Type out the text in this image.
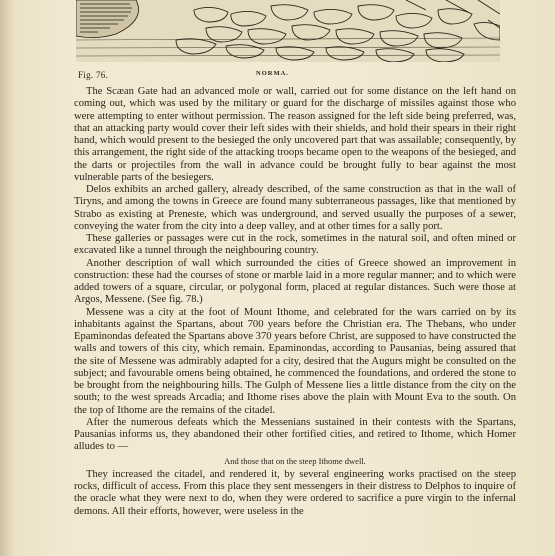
Fig. 76.	NORMA.

The Scæan Gate had an advanced mole or wall, carried out for some distance on the left hand on coming out, which was used by the military or guard for the discharge of missiles against those who were attempting to enter without permission. The reason assigned for the left side being preferred, was, that an attacking party would cover their left sides with their shields, and hold their spears in their right hand, which would present to the besieged the only uncovered part that was assailable; consequently, by this arrangement, the right side of the attacking troops became open to the weapons of the besieged, and the darts or projectiles from the wall in advance could be brought fully to bear against the most vulnerable parts of the besiegers.

Delos exhibits an arched gallery, already described, of the same construction as that in the wall of Tiryns, and among the towns in Greece are found many subterraneous passages, like that mentioned by Strabo as existing at Preneste, which was underground, and served usually the purposes of a sewer, conveying the water from the city into a deep valley, and at other times for a sally port.

These galleries or passages were cut in the rock, sometimes in the natural soil, and often mined or excavated like a tunnel through the neighbouring country.

Another description of wall which surrounded the cities of Greece showed an improvement in construction: these had the courses of stone or marble laid in a more regular manner; and to which were added towers of a square, circular, or polygonal form, placed at regular distances. Such were those at Argos, Messene. (See fig. 78.)

Messene was a city at the foot of Mount Ithome, and celebrated for the wars carried on by its inhabitants against the Spartans, about 700 years before the Christian era. The Thebans, who under Epaminondas defeated the Spartans above 370 years before Christ, are supposed to have constructed the walls and towers of this city, which remain. Epaminondas, according to Pausanias, being assured that the site of Messene was admirably adapted for a city, desired that the Augurs might be consulted on the subject; and favourable omens being obtained, he commenced the foundations, and ordered the stone to be brought from the neighbouring hills. The Gulph of Messene lies a little distance from the city on the south; to the west spreads Arcadia; and Ithome rises above the plain with Mount Eva to the south. On the top of Ithome are the remains of the citadel.

After the numerous defeats which the Messenians sustained in their contests with the Spartans, Pausanias informs us, they abandoned their other fortified cities, and retired to Ithome, which Homer alludes to —

And those that on the steep Ithome dwell.

They increased the citadel, and rendered it, by several engineering works practised on the steep rocks, difficult of access. From this place they sent messengers in their distress to Delphos to inquire of the oracle what they were next to do, when they were ordered to sacrifice a pure virgin to the infernal demons. All their efforts, however, were useless in the
